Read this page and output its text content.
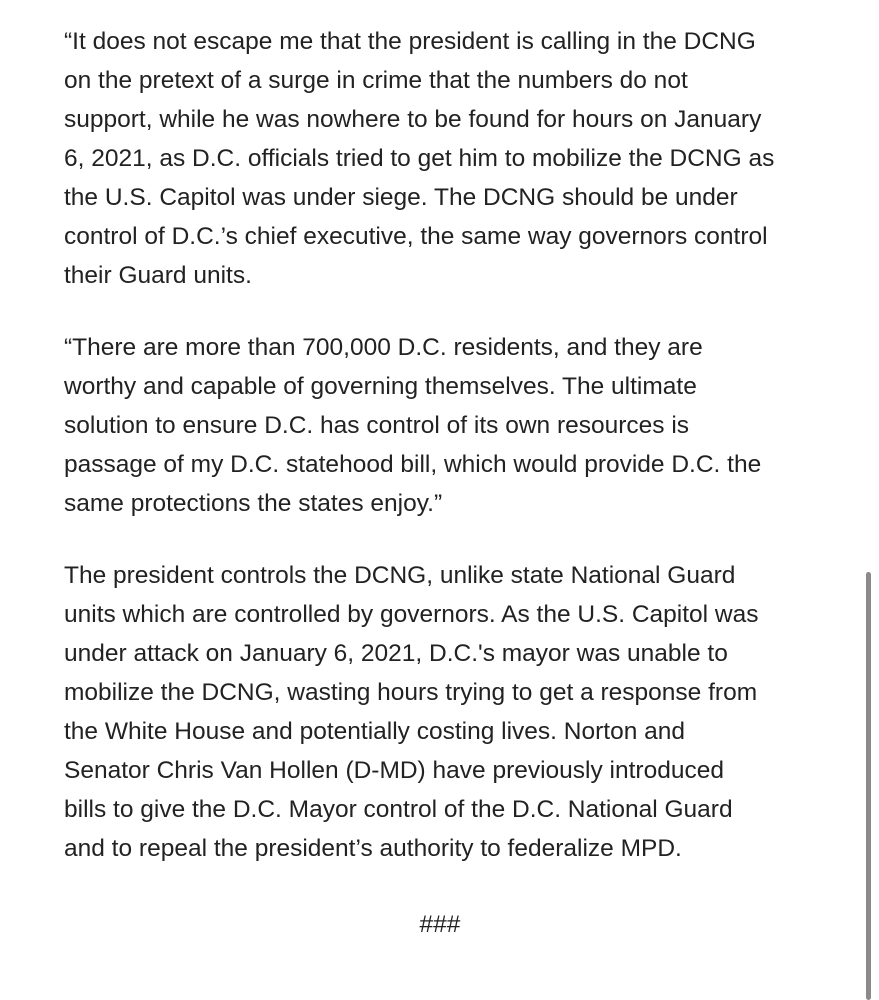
“It does not escape me that the president is calling in the DCNG
on the pretext of a surge in crime that the numbers do not
support, while he was nowhere to be found for hours on January
6, 2021, as D.C. officials tried to get him to mobilize the DCNG as
the U.S. Capitol was under siege. The DCNG should be under
control of D.C.’s chief executive, the same way governors control
their Guard units.
“There are more than 700,000 D.C. residents, and they are
worthy and capable of governing themselves. The ultimate
solution to ensure D.C. has control of its own resources is
passage of my D.C. statehood bill, which would provide D.C. the
same protections the states enjoy.”
The president controls the DCNG, unlike state National Guard
units which are controlled by governors. As the U.S. Capitol was
under attack on January 6, 2021, D.C.'s mayor was unable to
mobilize the DCNG, wasting hours trying to get a response from
the White House and potentially costing lives. Norton and
Senator Chris Van Hollen (D-MD) have previously introduced
bills to give the D.C. Mayor control of the D.C. National Guard
and to repeal the president’s authority to federalize MPD.
###
